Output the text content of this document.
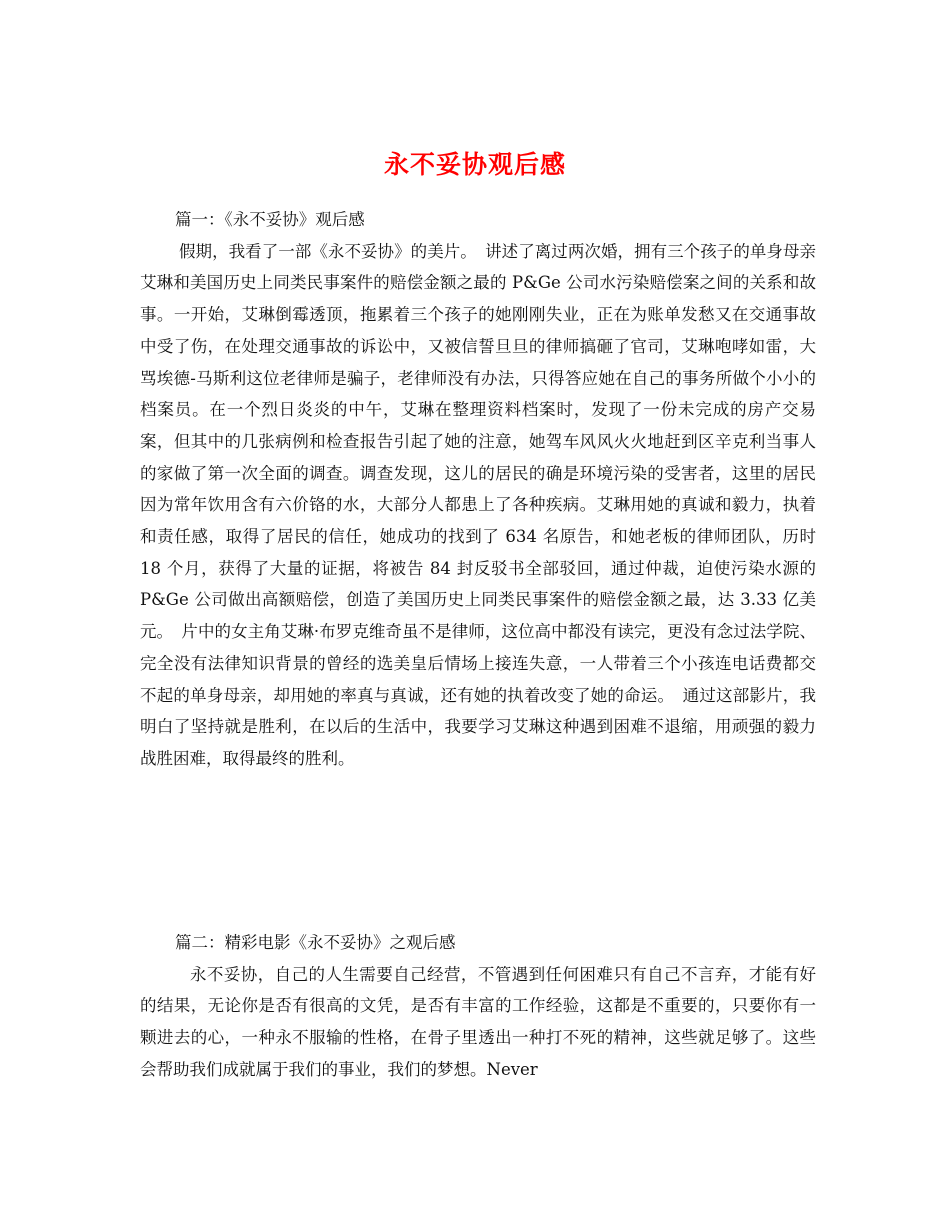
永不妥协观后感

篇一：《永不妥协》观后感

假期，我看了一部《永不妥协》的美片。　讲述了离过两次婚，拥有三个孩子的单身母亲艾琳和美国历史上同类民事案件的赔偿金额之最的 P&Ge 公司水污染赔偿案之间的关系和故事。一开始，艾琳倒霉透顶，拖累着三个孩子的她刚刚失业，正在为账单发愁又在交通事故中受了伤，在处理交通事故的诉讼中，又被信誓旦旦的律师搞砸了官司，艾琳咆哮如雷，大骂埃德-马斯利这位老律师是骗子，老律师没有办法，只得答应她在自己的事务所做个小小的档案员。在一个烈日炎炎的中午，艾琳在整理资料档案时，发现了一份未完成的房产交易案，但其中的几张病例和检查报告引起了她的注意，她驾车风风火火地赶到区辛克利当事人的家做了第一次全面的调查。调查发现，这儿的居民的确是环境污染的受害者，这里的居民因为常年饮用含有六价铬的水，大部分人都患上了各种疾病。艾琳用她的真诚和毅力，执着和责任感，取得了居民的信任，她成功的找到了 634 名原告，和她老板的律师团队，历时 18 个月，获得了大量的证据，将被告 84 封反驳书全部驳回，通过仲裁，迫使污染水源的 P&Ge 公司做出高额赔偿，创造了美国历史上同类民事案件的赔偿金额之最，达 3.33 亿美元。　片中的女主角艾琳·布罗克维奇虽不是律师，这位高中都没有读完，更没有念过法学院、完全没有法律知识背景的曾经的选美皇后情场上接连失意，一人带着三个小孩连电话费都交不起的单身母亲，却用她的率真与真诚，还有她的执着改变了她的命运。　通过这部影片，我明白了坚持就是胜利，在以后的生活中，我要学习艾琳这种遇到困难不退缩，用顽强的毅力战胜困难，取得最终的胜利。

篇二：精彩电影《永不妥协》之观后感

永不妥协，自己的人生需要自己经营，不管遇到任何困难只有自己不言弃，才能有好的结果，无论你是否有很高的文凭，是否有丰富的工作经验，这都是不重要的，只要你有一颗进去的心，一种永不服输的性格，在骨子里透出一种打不死的精神，这些就足够了。这些会帮助我们成就属于我们的事业，我们的梦想。Never
